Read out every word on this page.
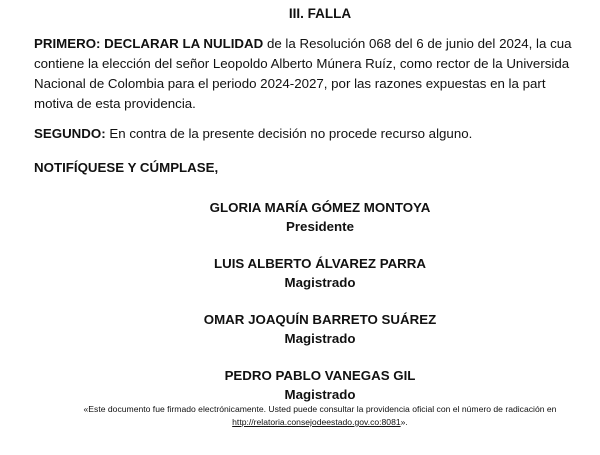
III. FALLA
PRIMERO: DECLARAR LA NULIDAD de la Resolución 068 del 6 de junio del 2024, la cua
contiene la elección del señor Leopoldo Alberto Múnera Ruíz, como rector de la Universida
Nacional de Colombia para el periodo 2024-2027, por las razones expuestas en la part
motiva de esta providencia.
SEGUNDO: En contra de la presente decisión no procede recurso alguno.
NOTIFÍQUESE Y CÚMPLASE,
GLORIA MARÍA GÓMEZ MONTOYA
Presidente
LUIS ALBERTO ÁLVAREZ PARRA
Magistrado
OMAR JOAQUÍN BARRETO SUÁREZ
Magistrado
PEDRO PABLO VANEGAS GIL
Magistrado
«Este documento fue firmado electrónicamente. Usted puede consultar la providencia oficial con el número de radicación en
http://relatoria.consejodeestado.gov.co:8081».
